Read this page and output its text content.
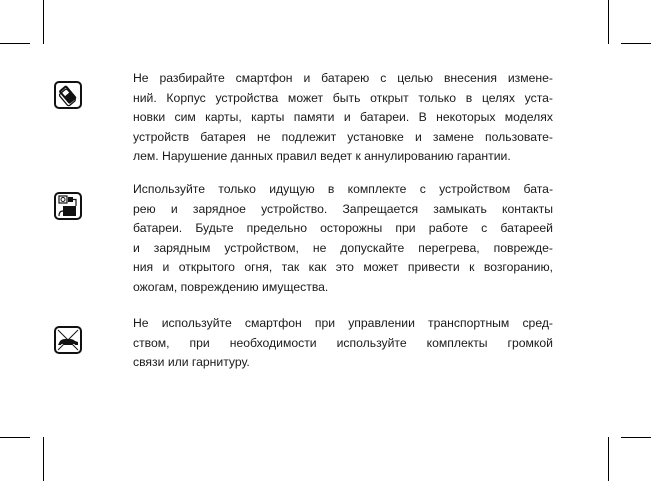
Не разбирайте смартфон и батарею с целью внесения измене-
ний. Корпус устройства может быть открыт только в целях уста-
новки сим карты, карты памяти и батареи. В некоторых моделях
устройств батарея не подлежит установке и замене пользовате-
лем. Нарушение данных правил ведет к аннулированию гарантии.
Используйте только идущую в комплекте с устройством бата-
рею и зарядное устройство. Запрещается замыкать контакты
батареи. Будьте предельно осторожны при работе с батареей
и зарядным устройством, не допускайте перегрева, поврежде-
ния и открытого огня, так как это может привести к возгоранию,
ожогам, повреждению имущества.
Не используйте смартфон при управлении транспортным сред-
ством, при необходимости используйте комплекты громкой
связи или гарнитуру.
